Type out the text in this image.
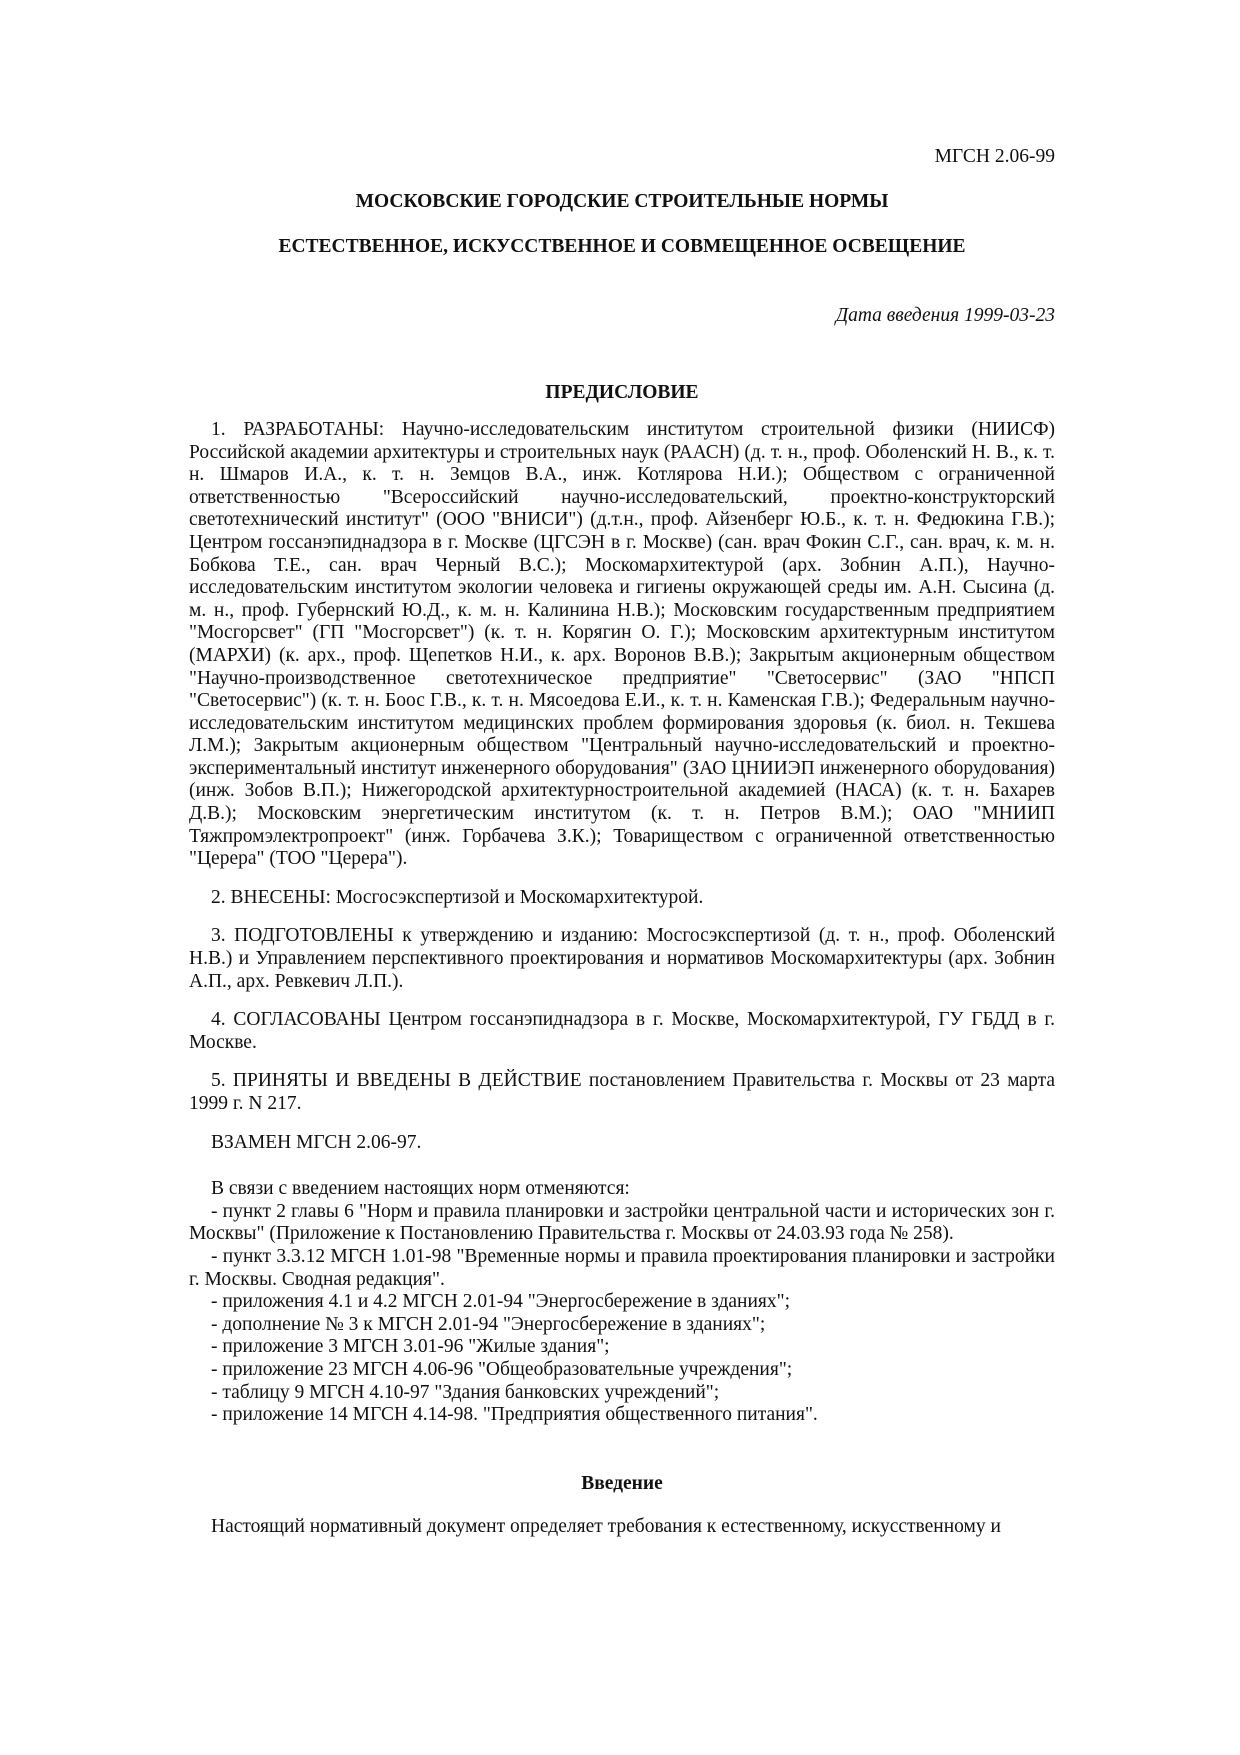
МГСН 2.06-99

МОСКОВСКИЕ ГОРОДСКИЕ СТРОИТЕЛЬНЫЕ НОРМЫ

ЕСТЕСТВЕННОЕ, ИСКУССТВЕННОЕ И СОВМЕЩЕННОЕ ОСВЕЩЕНИЕ

Дата введения 1999-03-23

ПРЕДИСЛОВИЕ

1. РАЗРАБОТАНЫ: Научно-исследовательским институтом строительной физики (НИИСФ) Российской академии архитектуры и строительных наук (РААСН) (д. т. н., проф. Оболенский Н. В., к. т. н. Шмаров И.А., к. т. н. Земцов В.А., инж. Котлярова Н.И.); Обществом с ограниченной ответственностью "Всероссийский научно-исследовательский, проектно-конструкторский светотехнический институт" (ООО "ВНИСИ") (д.т.н., проф. Айзенберг Ю.Б., к. т. н. Федюкина Г.В.); Центром госсанэпиднадзора в г. Москве (ЦГСЭН в г. Москве) (сан. врач Фокин С.Г., сан. врач, к. м. н. Бобкова Т.Е., сан. врач Черный В.С.); Москомархитектурой (арх. Зобнин А.П.), Научно-исследовательским институтом экологии человека и гигиены окружающей среды им. А.Н. Сысина (д. м. н., проф. Губернский Ю.Д., к. м. н. Калинина Н.В.); Московским государственным предприятием "Мосгорсвет" (ГП "Мосгорсвет") (к. т. н. Корягин О. Г.); Московским архитектурным институтом (МАРХИ) (к. арх., проф. Щепетков Н.И., к. арх. Воронов В.В.); Закрытым акционерным обществом "Научно-производственное светотехническое предприятие" "Светосервис" (ЗАО "НПСП "Светосервис") (к. т. н. Боос Г.В., к. т. н. Мясоедова Е.И., к. т. н. Каменская Г.В.); Федеральным научно-исследовательским институтом медицинских проблем формирования здоровья (к. биол. н. Текшева Л.М.); Закрытым акционерным обществом "Центральный научно-исследовательский и проектно-экспериментальный институт инженерного оборудования" (ЗАО ЦНИИЭП инженерного оборудования) (инж. Зобов В.П.); Нижегородской архитектурностроительной академией (НАСА) (к. т. н. Бахарев Д.В.); Московским энергетическим институтом (к. т. н. Петров В.М.); ОАО "МНИИП Тяжпромэлектропроект" (инж. Горбачева З.К.); Товариществом с ограниченной ответственностью "Церера" (ТОО "Церера").

2. ВНЕСЕНЫ: Мосгосэкспертизой и Москомархитектурой.

3. ПОДГОТОВЛЕНЫ к утверждению и изданию: Мосгосэкспертизой (д. т. н., проф. Оболенский Н.В.) и Управлением перспективного проектирования и нормативов Москомархитектуры (арх. Зобнин А.П., арх. Ревкевич Л.П.).

4. СОГЛАСОВАНЫ Центром госсанэпиднадзора в г. Москве, Москомархитектурой, ГУ ГБДД в г. Москве.

5. ПРИНЯТЫ И ВВЕДЕНЫ В ДЕЙСТВИЕ постановлением Правительства г. Москвы от 23 марта 1999 г. N 217.

ВЗАМЕН МГСН 2.06-97.

В связи с введением настоящих норм отменяются:

- пункт 2 главы 6 "Норм и правила планировки и застройки центральной части и исторических зон г. Москвы" (Приложение к Постановлению Правительства г. Москвы от 24.03.93 года № 258).
- пункт 3.3.12 МГСН 1.01-98 "Временные нормы и правила проектирования планировки и застройки г. Москвы. Сводная редакция".
- приложения 4.1 и 4.2 МГСН 2.01-94 "Энергосбережение в зданиях";
- дополнение № 3 к МГСН 2.01-94 "Энергосбережение в зданиях";
- приложение 3 МГСН 3.01-96 "Жилые здания";
- приложение 23 МГСН 4.06-96 "Общеобразовательные учреждения";
- таблицу 9 МГСН 4.10-97 "Здания банковских учреждений";
- приложение 14 МГСН 4.14-98. "Предприятия общественного питания".

Введение

Настоящий нормативный документ определяет требования к естественному, искусственному и
